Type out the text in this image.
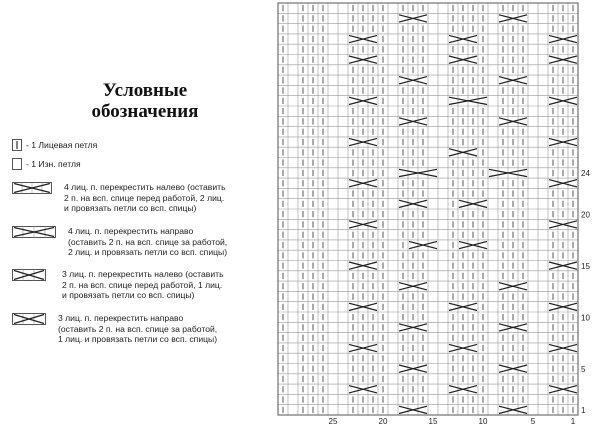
Условные
обозначения
- 1 Лицевая петля
- 1 Изн. петля
4 лиц. п. перекрестить налево (оставить
2 п. на всп. спице перед работой, 2 лиц.
и провязать петли со всп. спицы)
4 лиц. п. перекрестить направо
(оставить 2 п. на всп. спице за работой,
2 лиц. и провязать петли со всп. спицы)
3 лиц. п. перекрестить налево (оставить
2 п. на всп. спице перед работой, 1 лиц.
и провязать петли со всп. спицы)
3 лиц. п. перекрестить направо
(оставить 2 п. на всп. спице за работой,
1 лиц. и провязать петли со всп. спицы)
1
5
10
15
20
24
1
5
10
15
20
25
